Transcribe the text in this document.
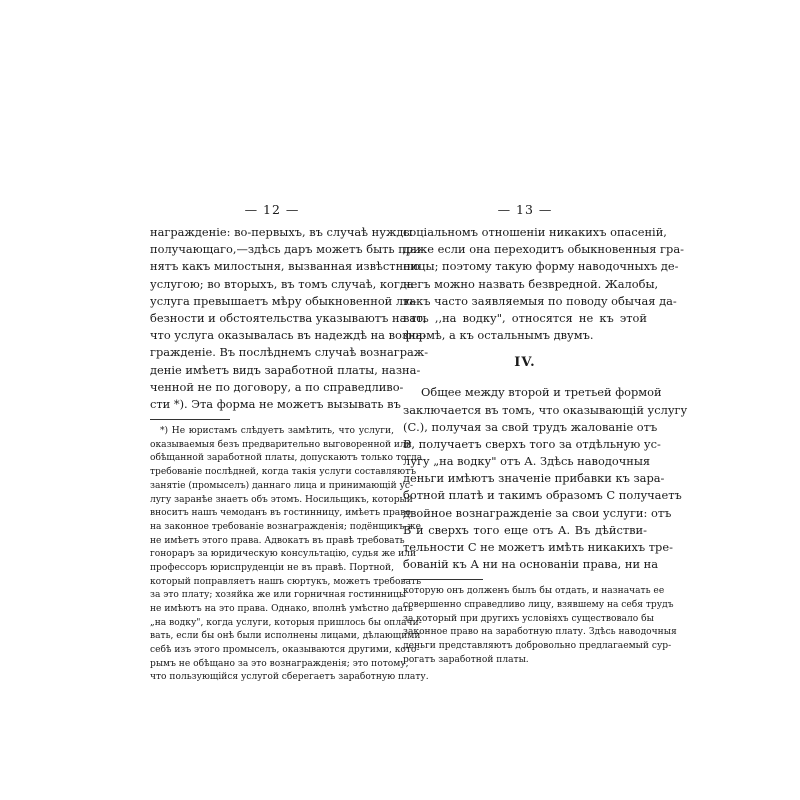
— 12 —
награжденіе: во-первыхъ, въ случаѣ нужды
получающаго,—здѣсь даръ можетъ быть при-
нятъ какъ милостыня, вызванная извѣстною
услугою; во вторыхъ, въ томъ случаѣ, когда
услуга превышаетъ мѣру обыкновенной лю-
безности и обстоятельства указываютъ на то,
что услуга оказывалась въ надеждѣ на возна-
гражденіе. Въ послѣднемъ случаѣ вознаграж-
деніе имѣетъ видъ заработной платы, назна-
ченной не по договору, а по справедливо-
сти *). Эта форма не можетъ вызывать въ
*) Не юристамъ слѣдуетъ замѣтить, что услуги,
оказываемыя безъ предварительно выговоренной или
обѣщанной заработной платы, допускаютъ только тогда
требованіе послѣдней, когда такія услуги составляютъ
занятіе (промыселъ) даннаго лица и принимающій ус-
лугу заранѣе знаетъ объ этомъ. Носильщикъ, который
вноситъ нашъ чемоданъ въ гостинницу, имѣетъ право
на законное требованіе вознагражденія; подёнщикъ же
не имѣетъ этого права. Адвокатъ въ правѣ требовать
гонораръ за юридическую консультацію, судья же или
профессоръ юриспруденціи не въ правѣ. Портной,
который поправляетъ нашъ сюртукъ, можетъ требовать
за это плату; хозяйка же или горничная гостинницы
не имѣютъ на это права. Однако, вполнѣ умѣстно дать
„на водку", когда услуги, которыя пришлось бы оплачи-
вать, если бы онѣ были исполнены лицами, дѣлающими
себѣ изъ этого промыселъ, оказываются другими, кото-
рымъ не обѣщано за это вознагражденія; это потому,
что пользующійся услугой сберегаетъ заработную плату.
— 13 —
соціальномъ отношеніи никакихъ опасеній,
даже если она переходитъ обыкновенныя гра-
ницы; поэтому такую форму наводочныхъ де-
негъ можно назвать безвредной. Жалобы,
такъ часто заявляемыя по поводу обычая да-
вать ,,на водку", относятся не къ этой
формѣ, а къ остальнымъ двумъ.
IV.
Общее между второй и третьей формой
заключается въ томъ, что оказывающій услугу
(С.), получая за свой трудъ жалованіе отъ
В, получаетъ сверхъ того за отдѣльную ус-
лугу „на водку" отъ А. Здѣсь наводочныя
деньги имѣютъ значеніе прибавки къ зара-
ботной платѣ и такимъ образомъ С получаетъ
двойное вознагражденіе за свои услуги: отъ
В и сверхъ того еще отъ А. Въ дѣйстви-
тельности С не можетъ имѣть никакихъ тре-
бованій къ А ни на основаніи права, ни на
которую онъ долженъ былъ бы отдать, и назначать ее
совершенно справедливо лицу, взявшему на себя трудъ
за который при другихъ условіяхъ существовало бы
законное право на заработную плату. Здѣсь наводочныя
деньги представляютъ добровольно предлагаемый сур-
рогатъ заработной платы.
